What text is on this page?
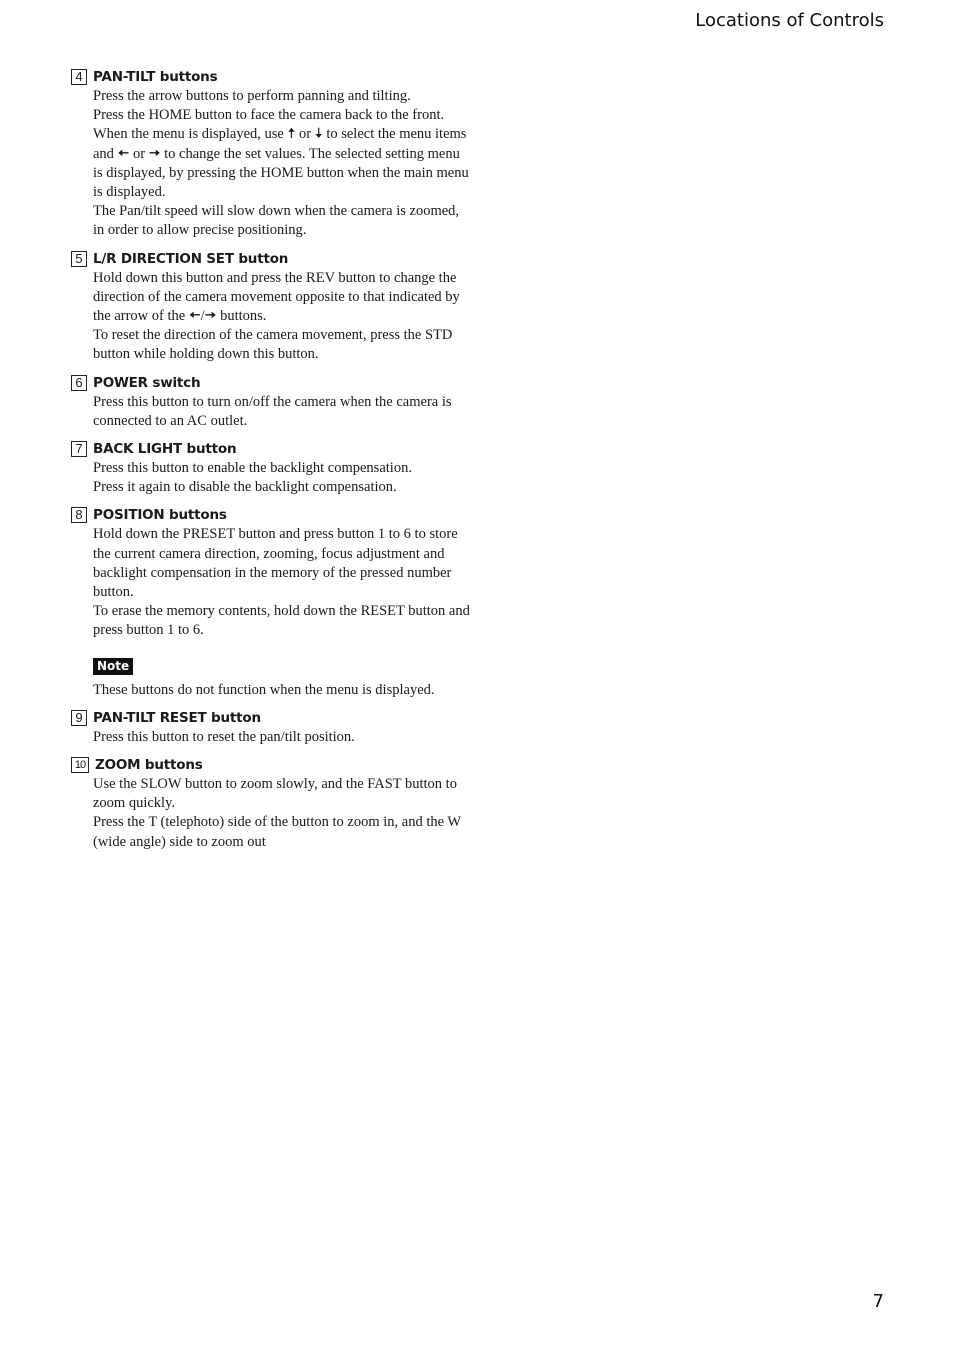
Locations of Controls
4 PAN-TILT buttons

Press the arrow buttons to perform panning and tilting.

Press the HOME button to face the camera back to the front.

When the menu is displayed, use 🠅 or 🠇 to select the menu items and 🠄 or 🠆 to change the set values. The selected setting menu is displayed, by pressing the HOME button when the main menu is displayed.

The Pan/tilt speed will slow down when the camera is zoomed, in order to allow precise positioning.

5 L/R DIRECTION SET button

Hold down this button and press the REV button to change the direction of the camera movement opposite to that indicated by the arrow of the 🠄/🠆 buttons.

To reset the direction of the camera movement, press the STD button while holding down this button.

6 POWER switch

Press this button to turn on/off the camera when the camera is connected to an AC outlet.

7 BACK LIGHT button

Press this button to enable the backlight compensation.

Press it again to disable the backlight compensation.

8 POSITION buttons

Hold down the PRESET button and press button 1 to 6 to store the current camera direction, zooming, focus adjustment and backlight compensation in the memory of the pressed number button.

To erase the memory contents, hold down the RESET button and press button 1 to 6.

Note

These buttons do not function when the menu is displayed.

9 PAN-TILT RESET button

Press this button to reset the pan/tilt position.

10 ZOOM buttons

Use the SLOW button to zoom slowly, and the FAST button to zoom quickly.

Press the T (telephoto) side of the button to zoom in, and the W (wide angle) side to zoom out

7
